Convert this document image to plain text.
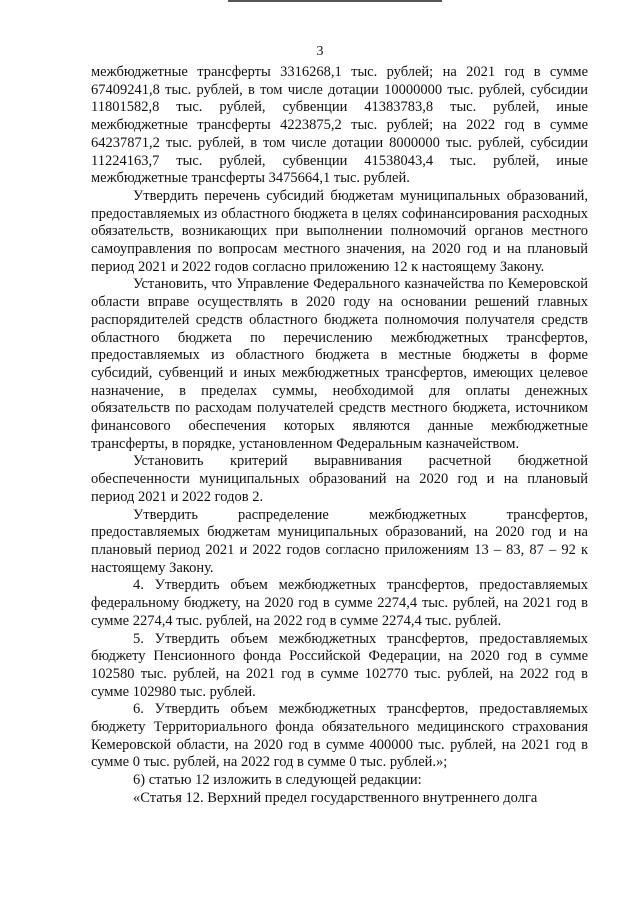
3

межбюджетные трансферты 3316268,1 тыс. рублей; на 2021 год в сумме 67409241,8 тыс. рублей, в том числе дотации 10000000 тыс. рублей, субсидии 11801582,8 тыс. рублей, субвенции 41383783,8 тыс. рублей, иные межбюджетные трансферты 4223875,2 тыс. рублей; на 2022 год в сумме 64237871,2 тыс. рублей, в том числе дотации 8000000 тыс. рублей, субсидии 11224163,7 тыс. рублей, субвенции 41538043,4 тыс. рублей, иные межбюджетные трансферты 3475664,1 тыс. рублей.

Утвердить перечень субсидий бюджетам муниципальных образований, предоставляемых из областного бюджета в целях софинансирования расходных обязательств, возникающих при выполнении полномочий органов местного самоуправления по вопросам местного значения, на 2020 год и на плановый период 2021 и 2022 годов согласно приложению 12 к настоящему Закону.

Установить, что Управление Федерального казначейства по Кемеровской области вправе осуществлять в 2020 году на основании решений главных распорядителей средств областного бюджета полномочия получателя средств областного бюджета по перечислению межбюджетных трансфертов, предоставляемых из областного бюджета в местные бюджеты в форме субсидий, субвенций и иных межбюджетных трансфертов, имеющих целевое назначение, в пределах суммы, необходимой для оплаты денежных обязательств по расходам получателей средств местного бюджета, источником финансового обеспечения которых являются данные межбюджетные трансферты, в порядке, установленном Федеральным казначейством.

Установить критерий выравнивания расчетной бюджетной обеспеченности муниципальных образований на 2020 год и на плановый период 2021 и 2022 годов 2.

Утвердить распределение межбюджетных трансфертов, предоставляемых бюджетам муниципальных образований, на 2020 год и на плановый период 2021 и 2022 годов согласно приложениям 13 – 83, 87 – 92 к настоящему Закону.

4. Утвердить объем межбюджетных трансфертов, предоставляемых федеральному бюджету, на 2020 год в сумме 2274,4 тыс. рублей, на 2021 год в сумме 2274,4 тыс. рублей, на 2022 год в сумме 2274,4 тыс. рублей.

5. Утвердить объем межбюджетных трансфертов, предоставляемых бюджету Пенсионного фонда Российской Федерации, на 2020 год в сумме 102580 тыс. рублей, на 2021 год в сумме 102770 тыс. рублей, на 2022 год в сумме 102980 тыс. рублей.

6. Утвердить объем межбюджетных трансфертов, предоставляемых бюджету Территориального фонда обязательного медицинского страхования Кемеровской области, на 2020 год в сумме 400000 тыс. рублей, на 2021 год в сумме 0 тыс. рублей, на 2022 год в сумме 0 тыс. рублей.»;

6) статью 12 изложить в следующей редакции:

«Статья 12. Верхний предел государственного внутреннего долга
